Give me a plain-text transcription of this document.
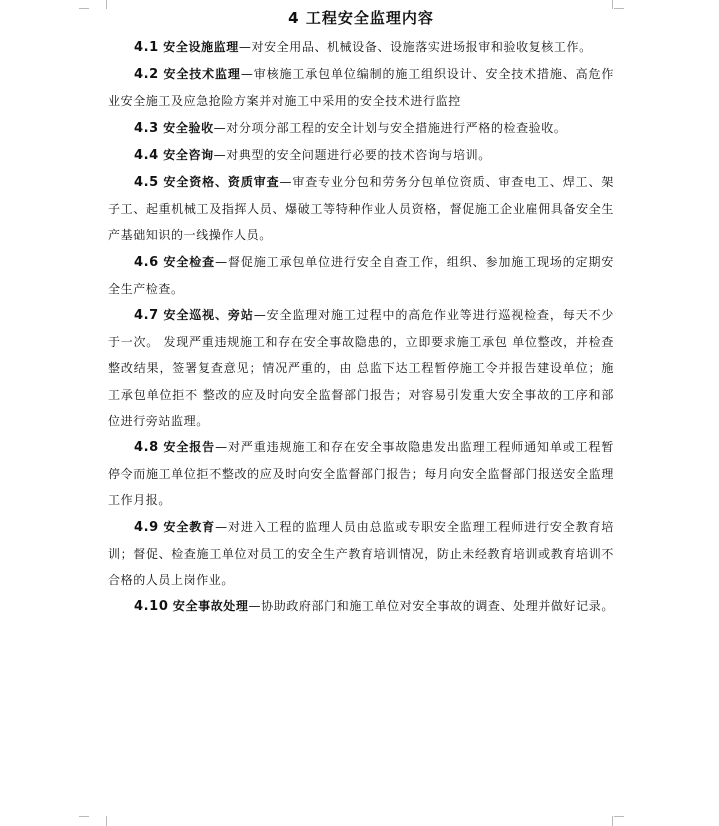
4 工程安全监理内容

4.1 安全设施监理—对安全用品、机械设备、设施落实进场报审和验收复核工作。

4.2 安全技术监理—审核施工承包单位编制的施工组织设计、安全技术措施、高危作业安全施工及应急抢险方案并对施工中采用的安全技术进行监控

4.3 安全验收—对分项分部工程的安全计划与安全措施进行严格的检查验收。

4.4 安全咨询—对典型的安全问题进行必要的技术咨询与培训。

4.5 安全资格、资质审查—审查专业分包和劳务分包单位资质、审查电工、焊工、架子工、起重机械工及指挥人员、爆破工等特种作业人员资格，督促施工企业雇佣具备安全生产基础知识的一线操作人员。

4.6 安全检查—督促施工承包单位进行安全自查工作，组织、参加施工现场的定期安全生产检查。

4.7 安全巡视、旁站—安全监理对施工过程中的高危作业等进行巡视检查，每天不少于一次。 发现严重违规施工和存在安全事故隐患的，立即要求施工承包 单位整改，并检查整改结果，签署复查意见；情况严重的，由 总监下达工程暂停施工令并报告建设单位；施工承包单位拒不 整改的应及时向安全监督部门报告；对容易引发重大安全事故的工序和部位进行旁站监理。

4.8 安全报告—对严重违规施工和存在安全事故隐患发出监理工程师通知单或工程暂停令而施工单位拒不整改的应及时向安全监督部门报告；每月向安全监督部门报送安全监理工作月报。

4.9 安全教育—对进入工程的监理人员由总监或专职安全监理工程师进行安全教育培训；督促、检查施工单位对员工的安全生产教育培训情况，防止未经教育培训或教育培训不合格的人员上岗作业。

4.10 安全事故处理—协助政府部门和施工单位对安全事故的调查、处理并做好记录。
